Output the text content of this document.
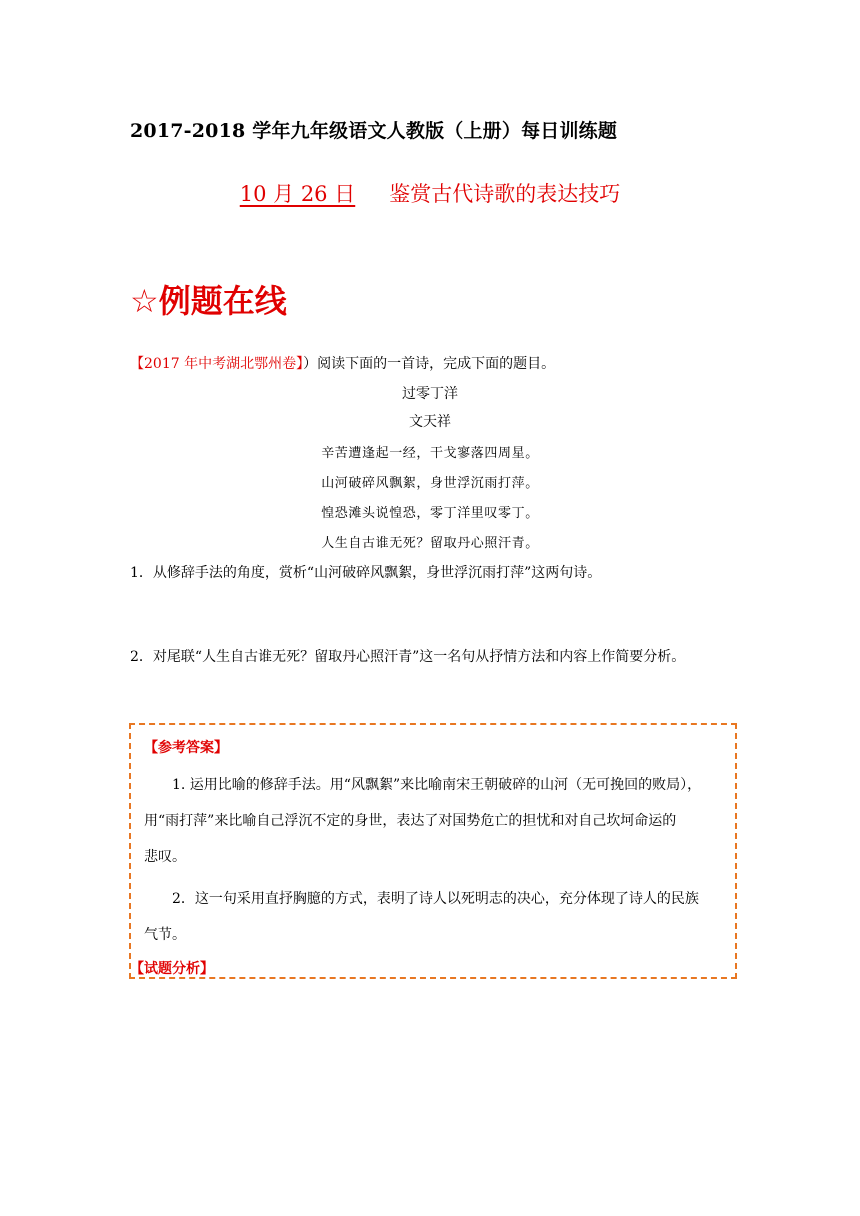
2017-2018 学年九年级语文人教版（上册）每日训练题
10 月 26 日 鉴赏古代诗歌的表达技巧
☆例题在线
【2017 年中考湖北鄂州卷】）阅读下面的一首诗，完成下面的题目。
过零丁洋
文天祥
辛苦遭逢起一经，干戈寥落四周星。
山河破碎风飘絮，身世浮沉雨打萍。
惶恐滩头说惶恐，零丁洋里叹零丁。
人生自古谁无死？留取丹心照汗青。
1．从修辞手法的角度，赏析“山河破碎风飘絮，身世浮沉雨打萍”这两句诗。
2．对尾联“人生自古谁无死？留取丹心照汗青”这一名句从抒情方法和内容上作简要分析。
【参考答案】
1. 运用比喻的修辞手法。用“风飘絮”来比喻南宋王朝破碎的山河（无可挽回的败局），
用“雨打萍”来比喻自己浮沉不定的身世，表达了对国势危亡的担忧和对自己坎坷命运的
悲叹。
2．这一句采用直抒胸臆的方式，表明了诗人以死明志的决心，充分体现了诗人的民族
气节。
【试题分析】
